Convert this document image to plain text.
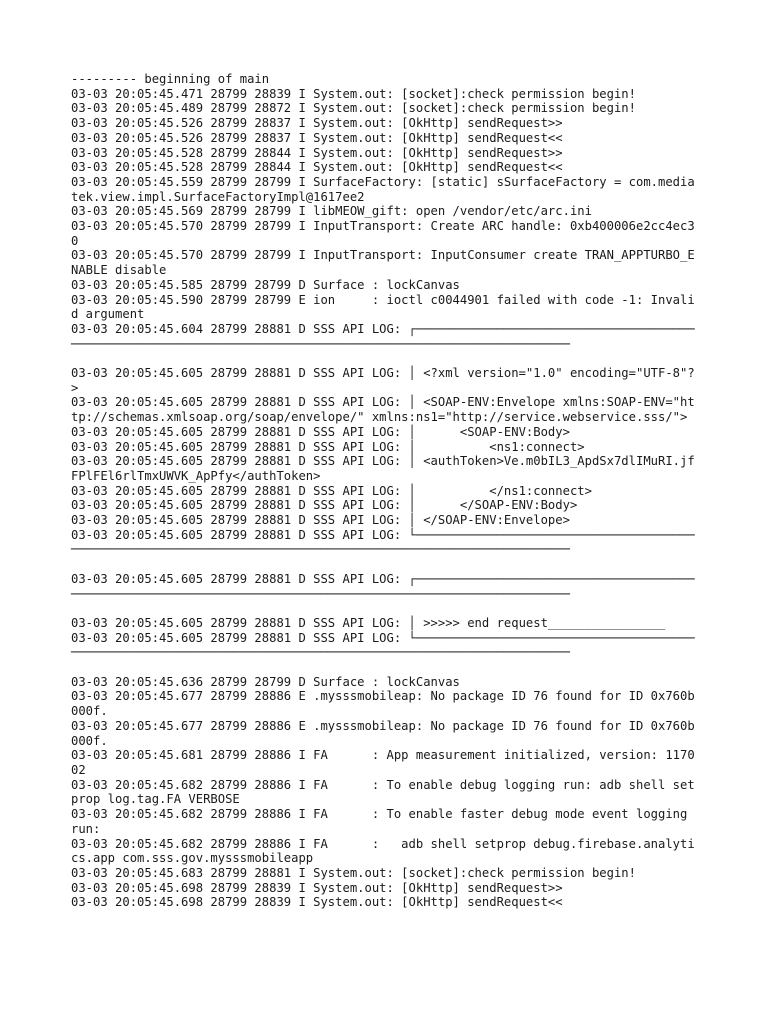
--------- beginning of main
03-03 20:05:45.471 28799 28839 I System.out: [socket]:check permission begin!
03-03 20:05:45.489 28799 28872 I System.out: [socket]:check permission begin!
03-03 20:05:45.526 28799 28837 I System.out: [OkHttp] sendRequest>>
03-03 20:05:45.526 28799 28837 I System.out: [OkHttp] sendRequest<<
03-03 20:05:45.528 28799 28844 I System.out: [OkHttp] sendRequest>>
03-03 20:05:45.528 28799 28844 I System.out: [OkHttp] sendRequest<<
03-03 20:05:45.559 28799 28799 I SurfaceFactory: [static] sSurfaceFactory = com.mediatek.view.impl.SurfaceFactoryImpl@1617ee2
03-03 20:05:45.569 28799 28799 I libMEOW_gift: open /vendor/etc/arc.ini
03-03 20:05:45.570 28799 28799 I InputTransport: Create ARC handle: 0xb400006e2cc4ec30
03-03 20:05:45.570 28799 28799 I InputTransport: InputConsumer create TRAN_APPTURBO_ENABLE disable
03-03 20:05:45.585 28799 28799 D Surface : lockCanvas
03-03 20:05:45.590 28799 28799 E ion     : ioctl c0044901 failed with code -1: Invalid argument
03-03 20:05:45.604 28799 28881 D SSS API LOG: ┌──────────────────────────────────────────────────────────────────────────────────────────────────────────
03-03 20:05:45.605 28799 28881 D SSS API LOG: │ <?xml version="1.0" encoding="UTF-8"?>
03-03 20:05:45.605 28799 28881 D SSS API LOG: │ <SOAP-ENV:Envelope xmlns:SOAP-ENV="http://schemas.xmlsoap.org/soap/envelope/" xmlns:ns1="http://service.webservice.sss/">
03-03 20:05:45.605 28799 28881 D SSS API LOG: │      <SOAP-ENV:Body>
03-03 20:05:45.605 28799 28881 D SSS API LOG: │          <ns1:connect>
03-03 20:05:45.605 28799 28881 D SSS API LOG: │ <authToken>Ve.m0bIL3_ApdSx7dlIMuRI.jfFPlFEl6rlTmxUWVK_ApPfy</authToken>
03-03 20:05:45.605 28799 28881 D SSS API LOG: │          </ns1:connect>
03-03 20:05:45.605 28799 28881 D SSS API LOG: │      </SOAP-ENV:Body>
03-03 20:05:45.605 28799 28881 D SSS API LOG: │ </SOAP-ENV:Envelope>
03-03 20:05:45.605 28799 28881 D SSS API LOG: └──────────────────────────────────────────────────────────────────────────────────────────────────────────
03-03 20:05:45.605 28799 28881 D SSS API LOG: ┌──────────────────────────────────────────────────────────────────────────────────────────────────────────
03-03 20:05:45.605 28799 28881 D SSS API LOG: │ >>>>> end request________________
03-03 20:05:45.605 28799 28881 D SSS API LOG: └──────────────────────────────────────────────────────────────────────────────────────────────────────────
03-03 20:05:45.636 28799 28799 D Surface : lockCanvas
03-03 20:05:45.677 28799 28886 E .mysssmobileap: No package ID 76 found for ID 0x760b000f.
03-03 20:05:45.677 28799 28886 E .mysssmobileap: No package ID 76 found for ID 0x760b000f.
03-03 20:05:45.681 28799 28886 I FA      : App measurement initialized, version: 117002
03-03 20:05:45.682 28799 28886 I FA      : To enable debug logging run: adb shell setprop log.tag.FA VERBOSE
03-03 20:05:45.682 28799 28886 I FA      : To enable faster debug mode event logging run:
03-03 20:05:45.682 28799 28886 I FA      :   adb shell setprop debug.firebase.analytics.app com.sss.gov.mysssmobileapp
03-03 20:05:45.683 28799 28881 I System.out: [socket]:check permission begin!
03-03 20:05:45.698 28799 28839 I System.out: [OkHttp] sendRequest>>
03-03 20:05:45.698 28799 28839 I System.out: [OkHttp] sendRequest<<
